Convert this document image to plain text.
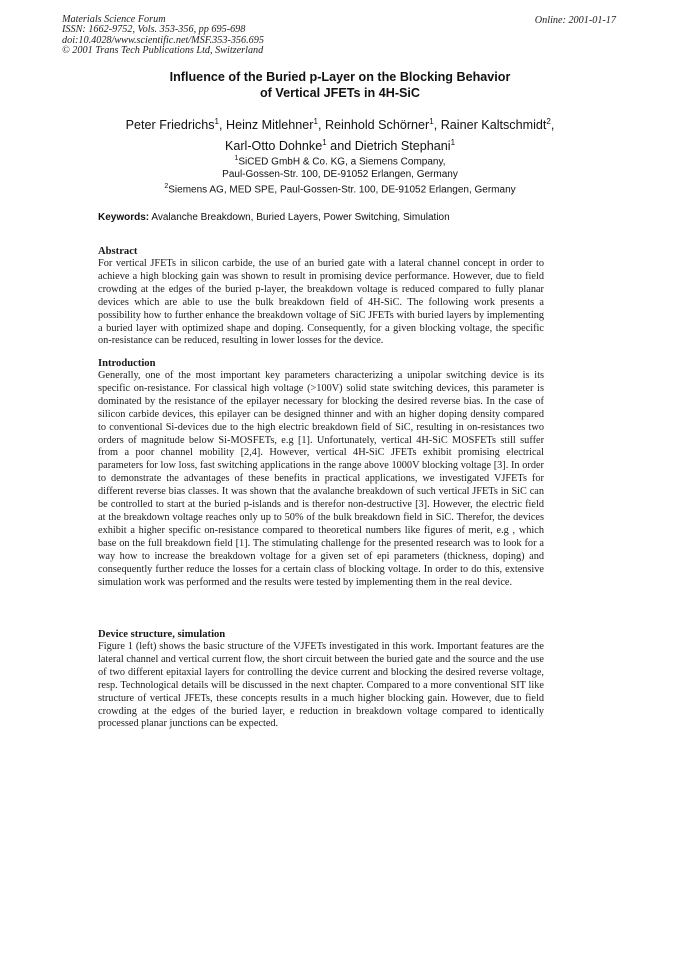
Materials Science Forum
ISSN: 1662-9752, Vols. 353-356, pp 695-698
doi:10.4028/www.scientific.net/MSF.353-356.695
© 2001 Trans Tech Publications Ltd, Switzerland
Online: 2001-01-17
Influence of the Buried p-Layer on the Blocking Behavior
of Vertical JFETs in 4H-SiC
Peter Friedrichs$^1$, Heinz Mitlehner$^1$, Reinhold Schörner$^1$, Rainer Kaltschmidt$^2$,
Karl-Otto Dohnke$^1$ and Dietrich Stephani$^1$
$^1$SiCED GmbH & Co. KG, a Siemens Company,
Paul-Gossen-Str. 100, DE-91052 Erlangen, Germany
$^2$Siemens AG, MED SPE, Paul-Gossen-Str. 100, DE-91052 Erlangen, Germany
Keywords: Avalanche Breakdown, Buried Layers, Power Switching, Simulation
Abstract

For vertical JFETs in silicon carbide, the use of an buried gate with a lateral channel concept in order to achieve a high blocking gain was shown to result in promising device performance. However, due to field crowding at the edges of the buried p-layer, the breakdown voltage is reduced compared to fully planar devices which are able to use the bulk breakdown field of 4H-SiC. The following work presents a possibility how to further enhance the breakdown voltage of SiC JFETs with buried layers by implementing a buried layer with optimized shape and doping. Consequently, for a given blocking voltage, the specific on-resistance can be reduced, resulting in lower losses for the device.

Introduction

Generally, one of the most important key parameters characterizing a unipolar switching device is its specific on-resistance. For classical high voltage (>100V) solid state switching devices, this parameter is dominated by the resistance of the epilayer necessary for blocking the desired reverse bias. In the case of silicon carbide devices, this epilayer can be designed thinner and with an higher doping density compared to conventional Si-devices due to the high electric breakdown field of SiC, resulting in on-resistances two orders of magnitude below Si-MOSFETs, e.g [1]. Unfortunately, vertical 4H-SiC MOSFETs still suffer from a poor channel mobility [2,4]. However, vertical 4H-SiC JFETs exhibit promising electrical parameters for low loss, fast switching applications in the range above 1000V blocking voltage [3]. In order to demonstrate the advantages of these benefits in practical applications, we investigated VJFETs for different reverse bias classes. It was shown that the avalanche breakdown of such vertical JFETs in SiC can be controlled to start at the buried p-islands and is therefor non-destructive [3]. However, the electric field at the breakdown voltage reaches only up to 50% of the bulk breakdown field in SiC. Therefor, the devices exhibit a higher specific on-resistance compared to theoretical numbers like figures of merit, e.g , which base on the full breakdown field [1]. The stimulating challenge for the presented research was to look for a way how to increase the breakdown voltage for a given set of epi parameters (thickness, doping) and consequently further reduce the losses for a certain class of blocking voltage. In order to do this, extensive simulation work was performed and the results were tested by implementing them in the real device.

Device structure, simulation

Figure 1 (left) shows the basic structure of the VJFETs investigated in this work. Important features are the lateral channel and vertical current flow, the short circuit between the buried gate and the source and the use of two different epitaxial layers for controlling the device current and blocking the desired reverse voltage, resp. Technological details will be discussed in the next chapter. Compared to a more conventional SIT like structure of vertical JFETs, these concepts results in a much higher blocking gain. However, due to field crowding at the edges of the buried layer, e reduction in breakdown voltage compared to identically processed planar junctions can be expected.
